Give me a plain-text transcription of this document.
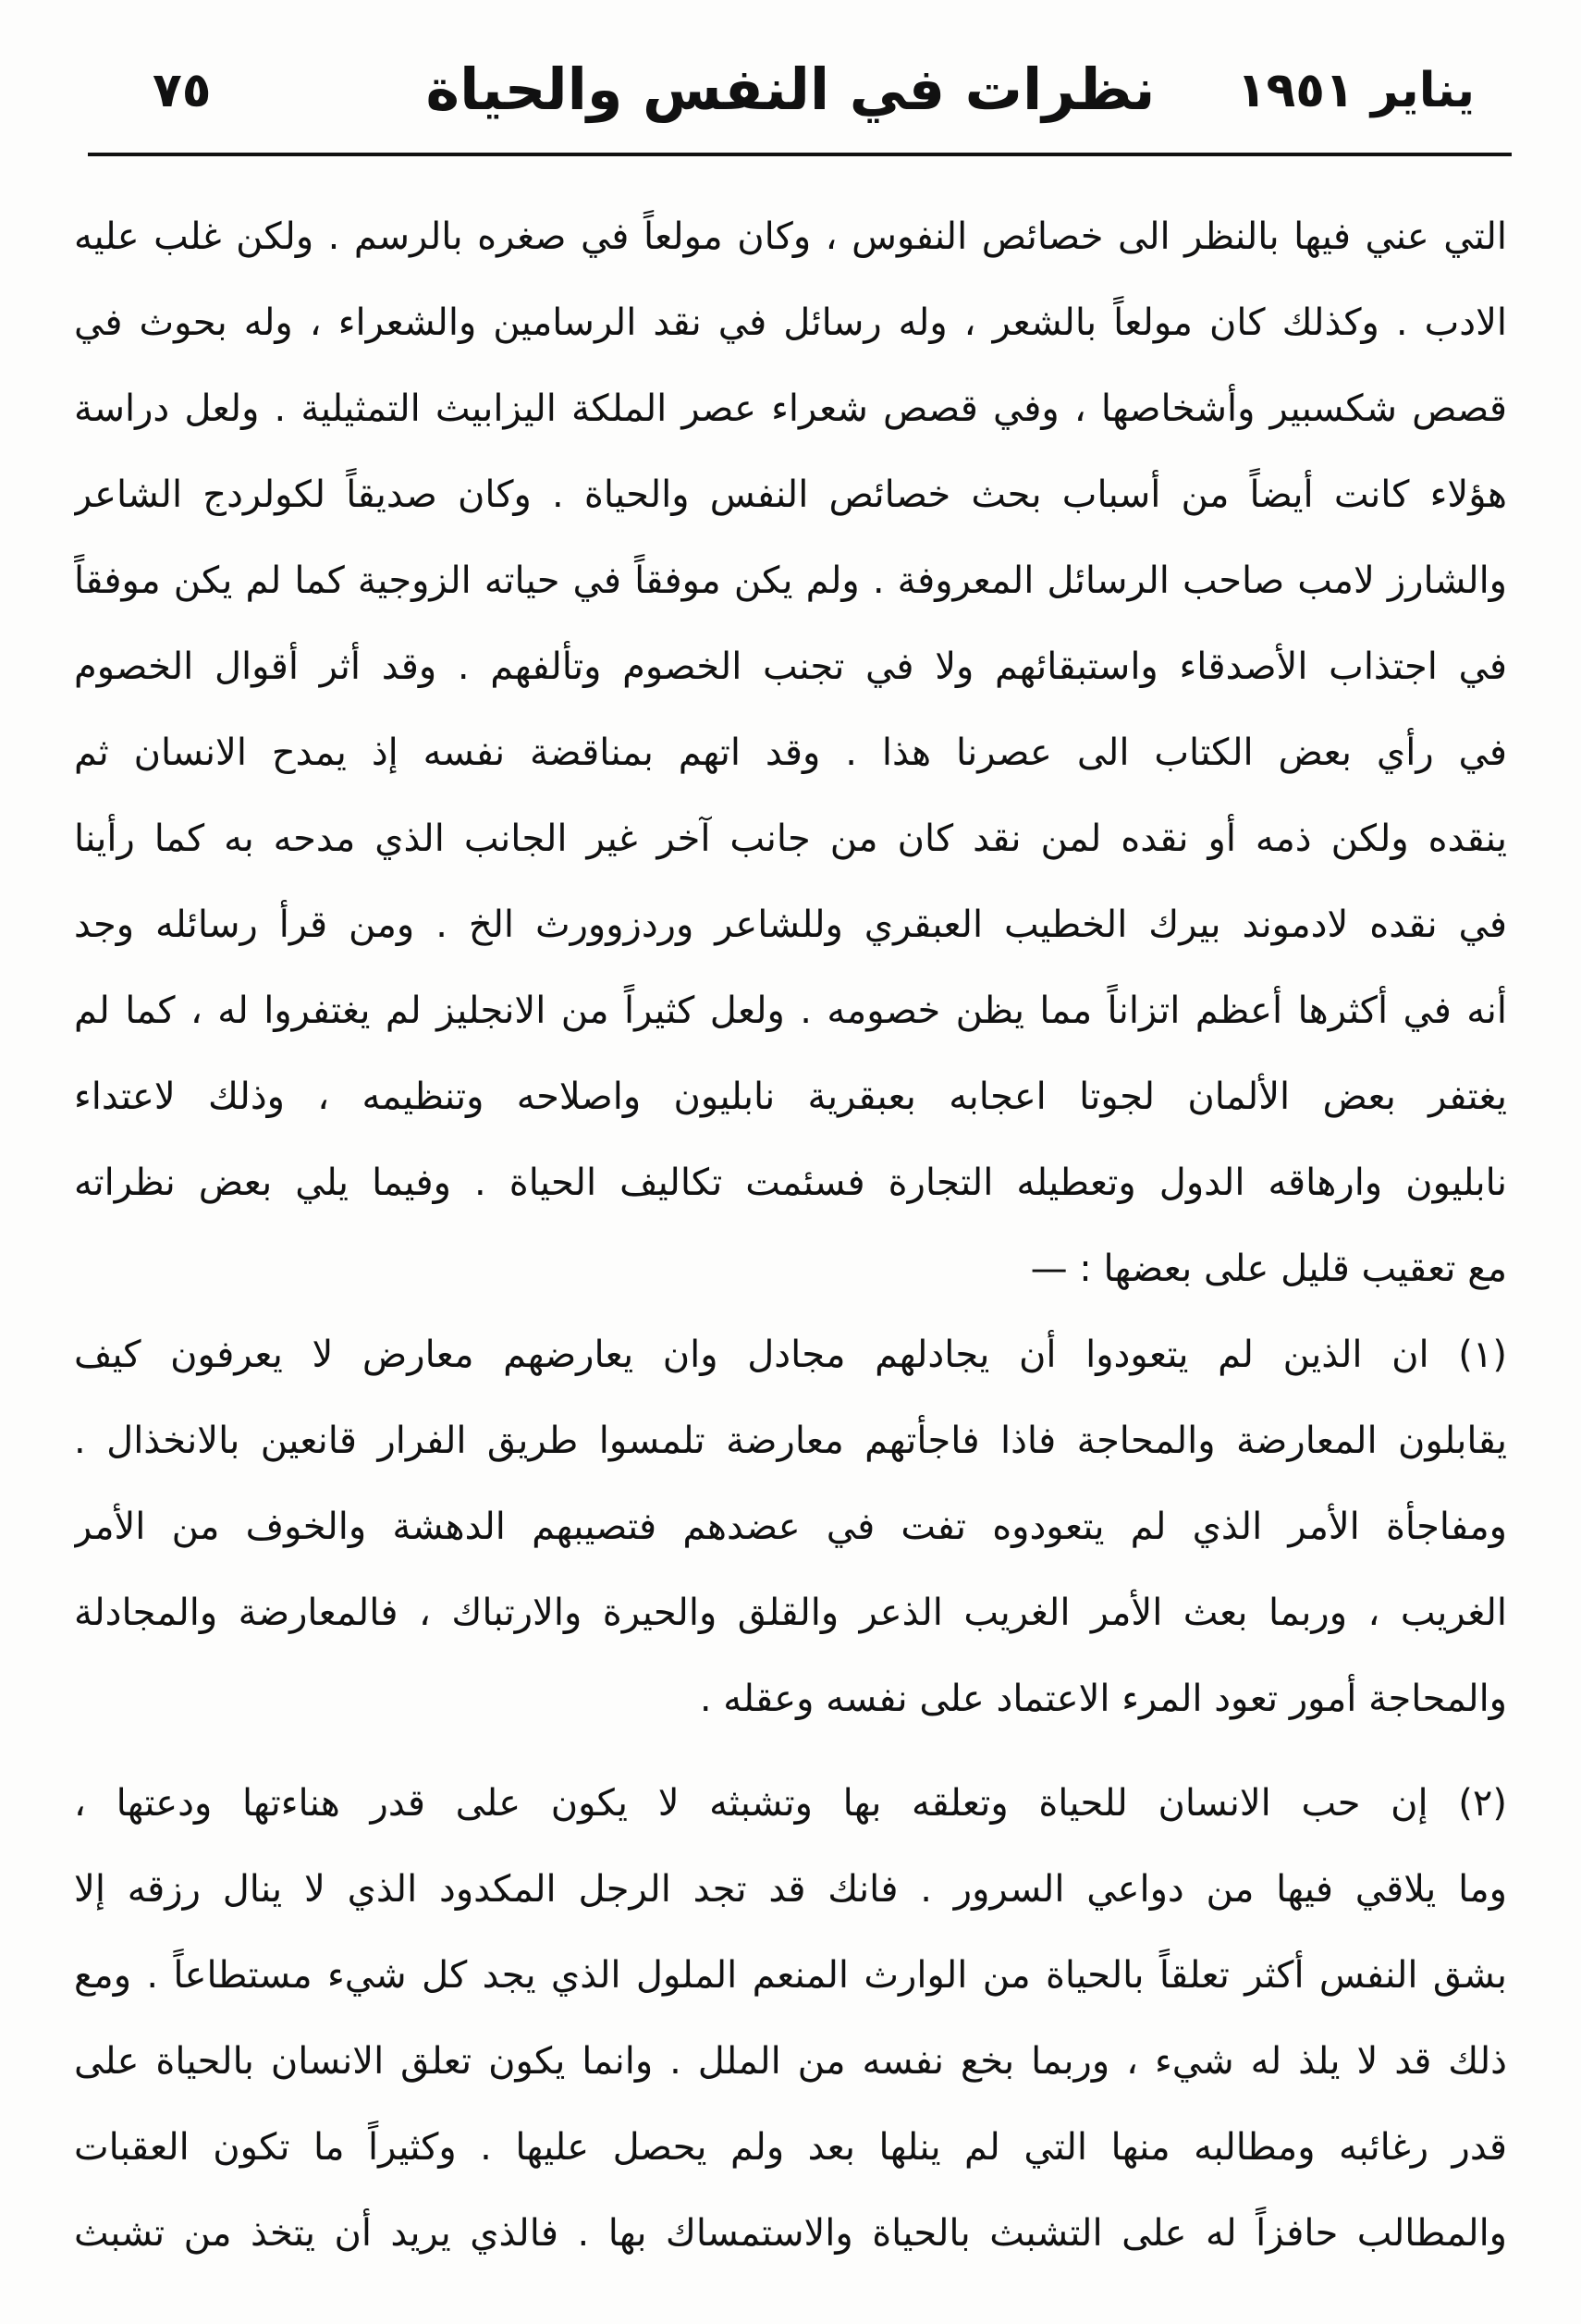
٧٥	نظرات في النفس والحياة	يناير ١٩٥١
التي عني فيها بالنظر الى خصائص النفوس ، وكان مولعاً في صغره بالرسم . ولكن غلب عليه
الادب . وكذلك كان مولعاً بالشعر ، وله رسائل في نقد الرسامين والشعراء ، وله بحوث في
قصص شكسبير وأشخاصها ، وفي قصص شعراء عصر الملكة اليزابيث التمثيلية . ولعل دراسة
هؤلاء كانت أيضاً من أسباب بحث خصائص النفس والحياة . وكان صديقاً لكولردج الشاعر
والشارز لامب صاحب الرسائل المعروفة . ولم يكن موفقاً في حياته الزوجية كما لم يكن موفقاً
في اجتذاب الأصدقاء واستبقائهم ولا في تجنب الخصوم وتألفهم . وقد أثر أقوال الخصوم
في رأي بعض الكتاب الى عصرنا هذا . وقد اتهم بمناقضة نفسه إذ يمدح الانسان ثم
ينقده ولكن ذمه أو نقده لمن نقد كان من جانب آخر غير الجانب الذي مدحه به كما رأينا
في نقده لادموند بيرك الخطيب العبقري وللشاعر وردزوورث الخ . ومن قرأ رسائله وجد
أنه في أكثرها أعظم اتزاناً مما يظن خصومه . ولعل كثيراً من الانجليز لم يغتفروا له ، كما لم
يغتفر بعض الألمان لجوتا اعجابه بعبقرية نابليون واصلاحه وتنظيمه ، وذلك لاعتداء
نابليون وارهاقه الدول وتعطيله التجارة فسئمت تكاليف الحياة . وفيما يلي بعض نظراته
مع تعقيب قليل على بعضها : —
(١) ان الذين لم يتعودوا أن يجادلهم مجادل وان يعارضهم معارض لا يعرفون كيف
يقابلون المعارضة والمحاجة فاذا فاجأتهم معارضة تلمسوا طريق الفرار قانعين بالانخذال .
ومفاجأة الأمر الذي لم يتعودوه تفت في عضدهم فتصيبهم الدهشة والخوف من الأمر
الغريب ، وربما بعث الأمر الغريب الذعر والقلق والحيرة والارتباك ، فالمعارضة والمجادلة
والمحاجة أمور تعود المرء الاعتماد على نفسه وعقله .
(٢) إن حب الانسان للحياة وتعلقه بها وتشبثه لا يكون على قدر هناءتها ودعتها ،
وما يلاقي فيها من دواعي السرور . فانك قد تجد الرجل المكدود الذي لا ينال رزقه إلا
بشق النفس أكثر تعلقاً بالحياة من الوارث المنعم الملول الذي يجد كل شيء مستطاعاً . ومع
ذلك قد لا يلذ له شيء ، وربما بخع نفسه من الملل . وانما يكون تعلق الانسان بالحياة على
قدر رغائبه ومطالبه منها التي لم ينلها بعد ولم يحصل عليها . وكثيراً ما تكون العقبات
والمطالب حافزاً له على التشبث بالحياة والاستمساك بها . فالذي يريد أن يتخذ من تشبث
